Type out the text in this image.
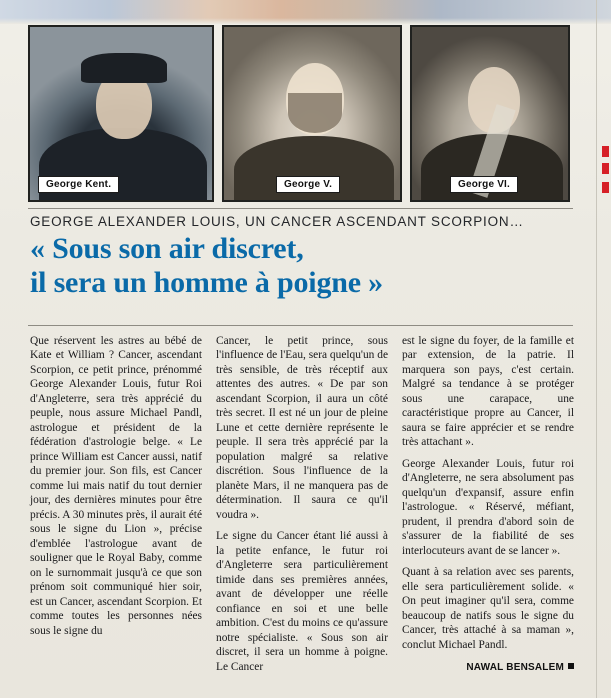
George Kent.	George V.	George VI.
GEORGE ALEXANDER LOUIS, UN CANCER ASCENDANT SCORPION…
« Sous son air discret,
il sera un homme à poigne »

Que réservent les astres au bébé de Kate et William ? Cancer, ascendant Scorpion, ce petit prince, prénommé George Alexander Louis, futur Roi d'Angleterre, sera très apprécié du peuple, nous assure Michael Pandl, astrologue et président de la fédération d'astrologie belge. « Le prince William est Cancer aussi, natif du premier jour. Son fils, est Cancer comme lui mais natif du tout dernier jour, des dernières minutes pour être précis. A 30 minutes près, il aurait été sous le signe du Lion », précise d'emblée l'astrologue avant de souligner que le Royal Baby, comme on le surnommait jusqu'à ce que son prénom soit communiqué hier soir, est un Cancer, ascendant Scorpion. Et comme toutes les personnes nées sous le signe du

Cancer, le petit prince, sous l'influence de l'Eau, sera quelqu'un de très sensible, de très réceptif aux attentes des autres. « De par son ascendant Scorpion, il aura un côté très secret. Il est né un jour de pleine Lune et cette dernière représente le peuple. Il sera très apprécié par la population malgré sa relative discrétion. Sous l'influence de la planète Mars, il ne manquera pas de détermination. Il saura ce qu'il voudra ».

Le signe du Cancer étant lié aussi à la petite enfance, le futur roi d'Angleterre sera particulièrement timide dans ses premières années, avant de développer une réelle confiance en soi et une belle ambition. C'est du moins ce qu'assure notre spécialiste. « Sous son air discret, il sera un homme à poigne. Le Cancer

est le signe du foyer, de la famille et par extension, de la patrie. Il marquera son pays, c'est certain. Malgré sa tendance à se protéger sous une carapace, une caractéristique propre au Cancer, il saura se faire apprécier et se rendre très attachant ».

George Alexander Louis, futur roi d'Angleterre, ne sera absolument pas quelqu'un d'expansif, assure enfin l'astrologue. « Réservé, méfiant, prudent, il prendra d'abord soin de s'assurer de la fiabilité de ses interlocuteurs avant de se lancer ».

Quant à sa relation avec ses parents, elle sera particulièrement solide. « On peut imaginer qu'il sera, comme beaucoup de natifs sous le signe du Cancer, très attaché à sa maman », conclut Michael Pandl.

NAWAL BENSALEM
